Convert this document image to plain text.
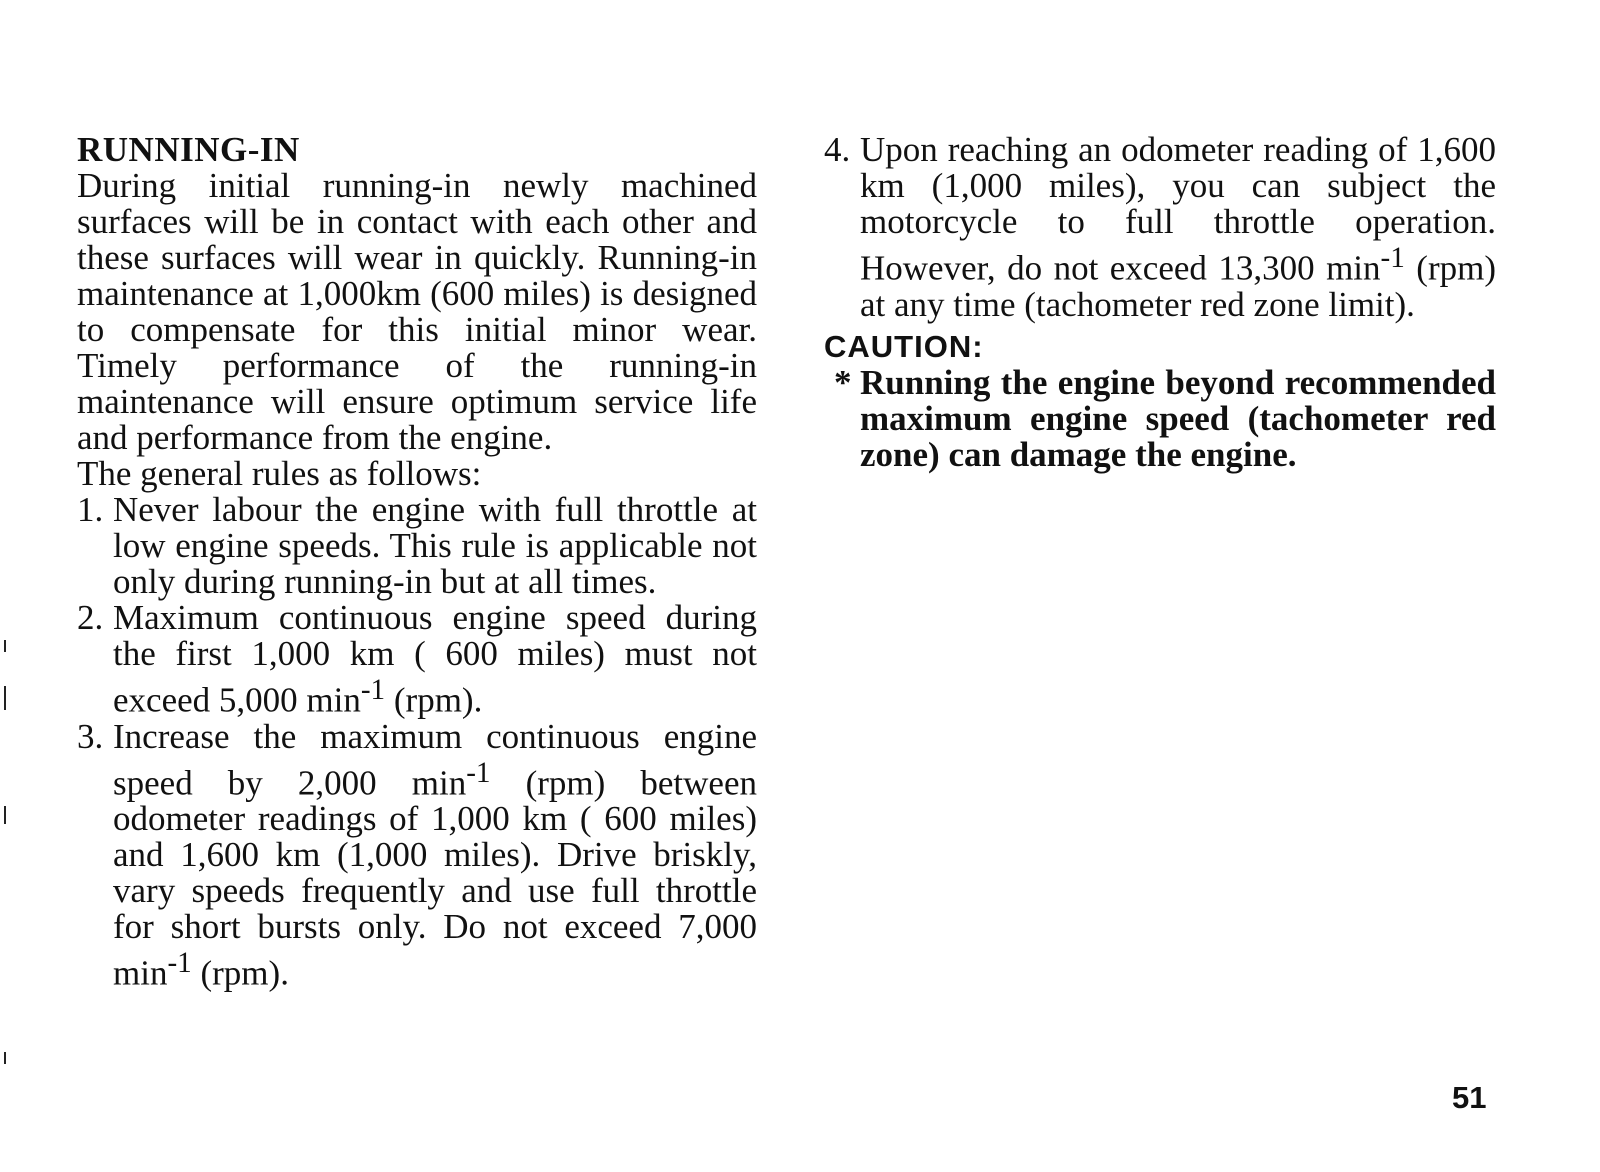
RUNNING-IN

During initial running-in newly machined surfaces will be in contact with each other and these surfaces will wear in quickly. Running-in maintenance at 1,000km (600 miles) is designed to compensate for this initial minor wear. Timely performance of the running-in maintenance will ensure optimum service life and performance from the engine.

The general rules as follows:

1. Never labour the engine with full throttle at low engine speeds. This rule is applicable not only during running-in but at all times.
2. Maximum continuous engine speed during the first 1,000 km ( 600 miles) must not exceed 5,000 $\min^{-1} (rpm)$.
3. Increase the maximum continuous engine speed by 2,000 $\min^{-1} (rpm)$ between odometer readings of 1,000 km ( 600 miles) and 1,600 km (1,000 miles). Drive briskly, vary speeds frequently and use full throttle for short bursts only. Do not exceed 7,000 $\min^{-1} (rpm)$.
4. Upon reaching an odometer reading of 1,600 km (1,000 miles), you can subject the motorcycle to full throttle operation. However, do not exceed 13,300 $\min^{-1} (rpm)$ at any time (tachometer red zone limit).

CAUTION:

* Running the engine beyond recommended maximum engine speed (tachometer red zone) can damage the engine.

51
